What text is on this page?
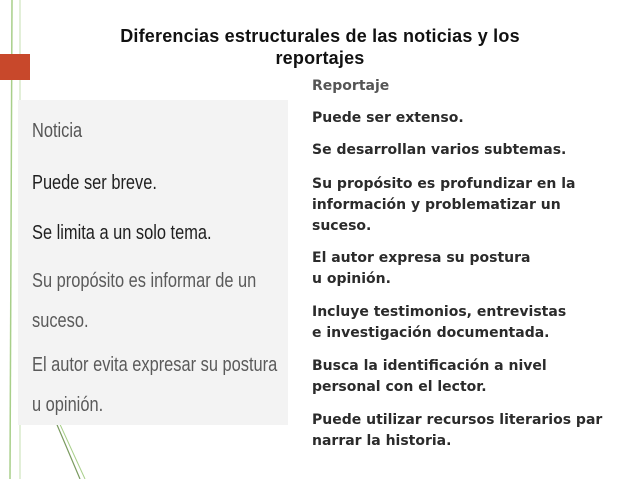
Diferencias estructurales de las noticias y los
reportajes
Noticia
Puede ser breve.
Se limita a un solo tema.
Su propósito es informar de un
suceso.
El autor evita expresar su postura
u opinión.
Reportaje
Puede ser extenso.
Se desarrollan varios subtemas.
Su propósito es profundizar en la
información y problematizar un
suceso.
El autor expresa su postura
u opinión.
Incluye testimonios, entrevistas
e investigación documentada.
Busca la identificación a nivel
personal con el lector.
Puede utilizar recursos literarios par
narrar la historia.
